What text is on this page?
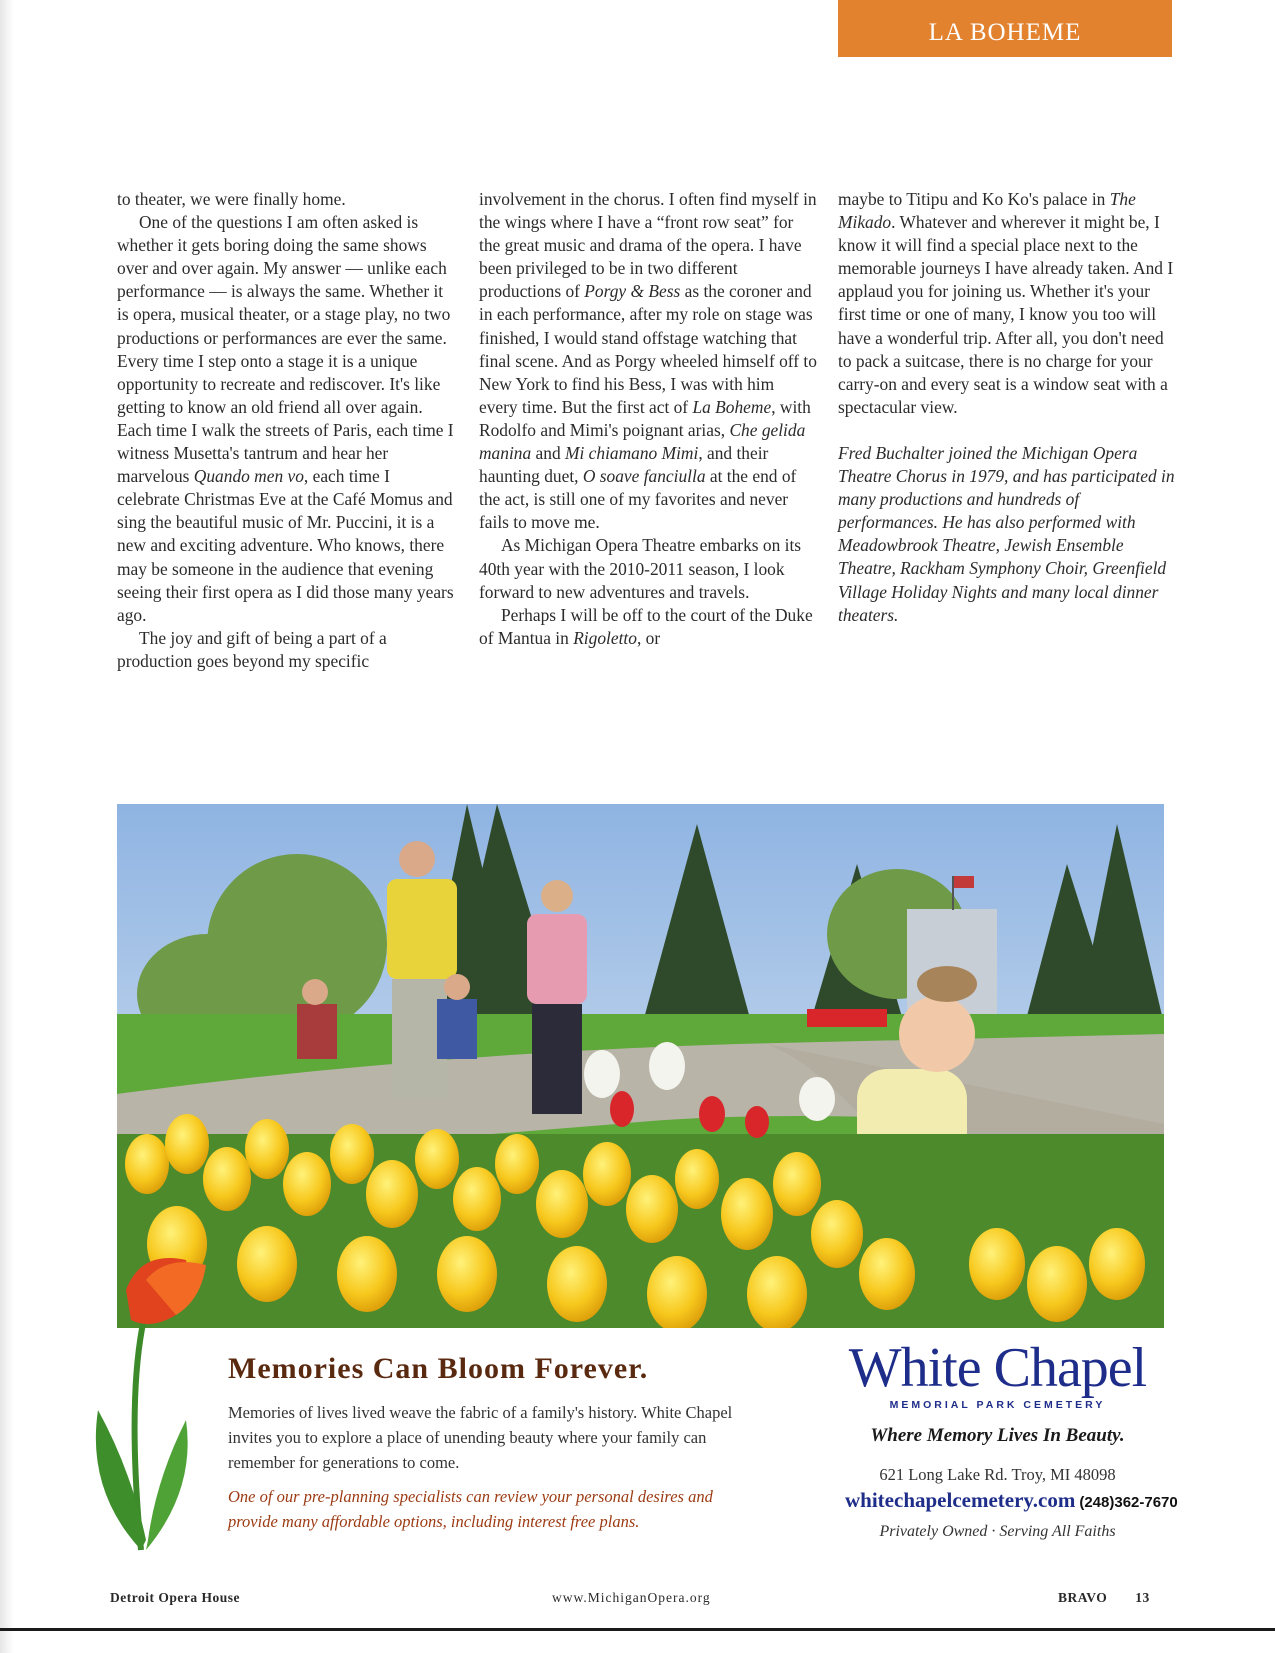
LA BOHEME

to theater, we were finally home.

One of the questions I am often asked is whether it gets boring doing the same shows over and over again. My answer — unlike each performance — is always the same. Whether it is opera, musical theater, or a stage play, no two productions or performances are ever the same. Every time I step onto a stage it is a unique opportunity to recreate and rediscover. It's like getting to know an old friend all over again. Each time I walk the streets of Paris, each time I witness Musetta's tantrum and hear her marvelous Quando men vo, each time I celebrate Christmas Eve at the Café Momus and sing the beautiful music of Mr. Puccini, it is a new and exciting adventure. Who knows, there may be someone in the audience that evening seeing their first opera as I did those many years ago.

The joy and gift of being a part of a production goes beyond my specific

involvement in the chorus. I often find myself in the wings where I have a “front row seat” for the great music and drama of the opera. I have been privileged to be in two different productions of Porgy & Bess as the coroner and in each performance, after my role on stage was finished, I would stand offstage watching that final scene. And as Porgy wheeled himself off to New York to find his Bess, I was with him every time. But the first act of La Boheme, with Rodolfo and Mimi's poignant arias, Che gelida manina and Mi chiamano Mimi, and their haunting duet, O soave fanciulla at the end of the act, is still one of my favorites and never fails to move me.

As Michigan Opera Theatre embarks on its 40th year with the 2010-2011 season, I look forward to new adventures and travels.

Perhaps I will be off to the court of the Duke of Mantua in Rigoletto, or

maybe to Titipu and Ko Ko's palace in The Mikado. Whatever and wherever it might be, I know it will find a special place next to the memorable journeys I have already taken. And I applaud you for joining us. Whether it's your first time or one of many, I know you too will have a wonderful trip. After all, you don't need to pack a suitcase, there is no charge for your carry-on and every seat is a window seat with a spectacular view.

Fred Buchalter joined the Michigan Opera Theatre Chorus in 1979, and has participated in many productions and hundreds of performances. He has also performed with Meadowbrook Theatre, Jewish Ensemble Theatre, Rackham Symphony Choir, Greenfield Village Holiday Nights and many local dinner theaters.

Memories Can Bloom Forever.
Memories of lives lived weave the fabric of a family's history. White Chapel invites you to explore a place of unending beauty where your family can remember for generations to come.
One of our pre-planning specialists can review your personal desires and provide many affordable options, including interest free plans.
White Chapel
MEMORIAL PARK CEMETERY
Where Memory Lives In Beauty.
621 Long Lake Rd. Troy, MI 48098
whitechapelcemetery.com (248)362-7670
Privately Owned · Serving All Faiths
Detroit Opera House	www.MichiganOpera.org	BRAVO 13
